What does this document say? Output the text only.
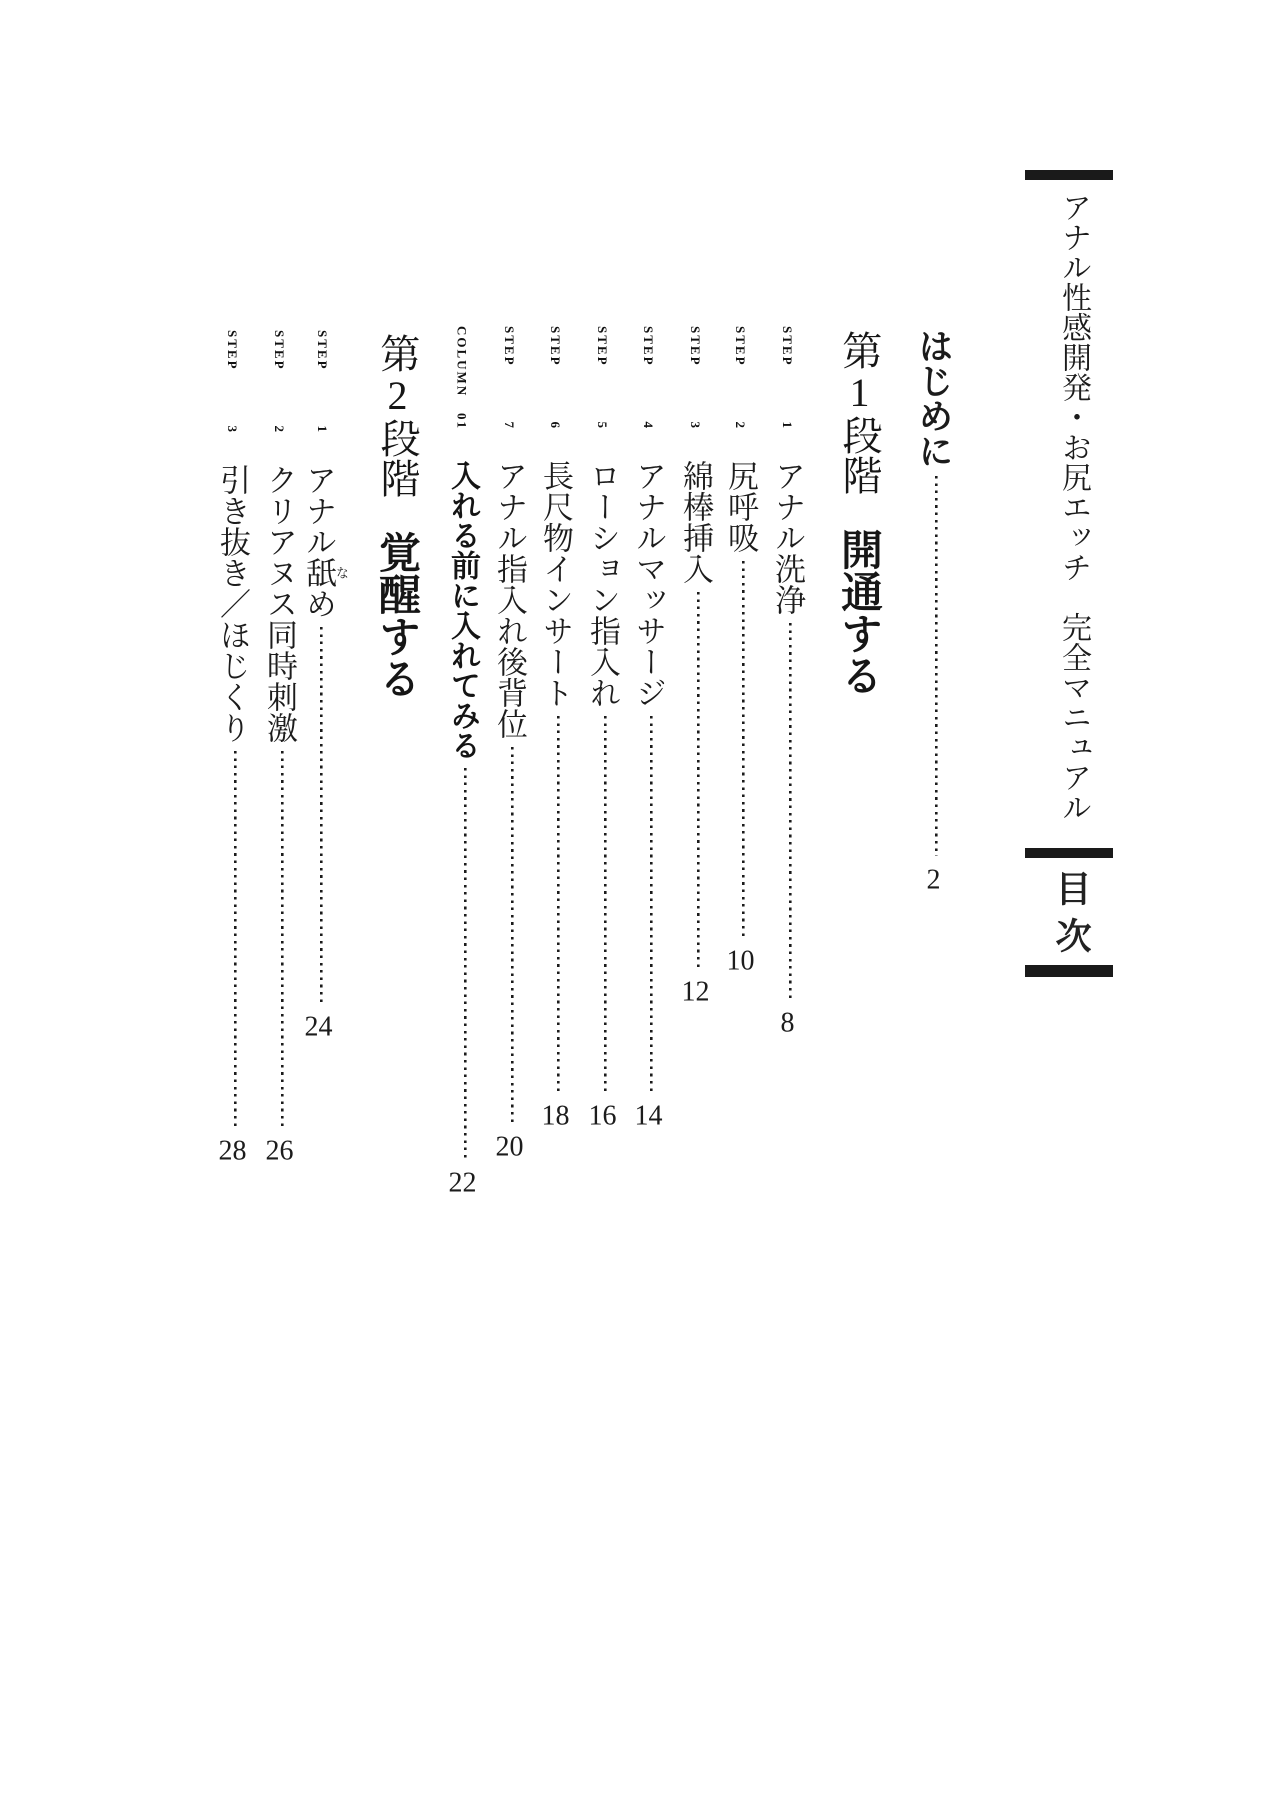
アナル性感開発・お尻エッチ　完全マニュアル
目次
はじめに2
第1段階開通する
STEP 1
アナル洗浄8
STEP 2
尻呼吸10
STEP 3
綿棒挿入12
STEP 4
アナルマッサージ14
STEP 5
ローション指入れ16
STEP 6
長尺物インサート18
STEP 7
アナル指入れ後背位20
COLUMN 01
入れる前に入れてみる22
第2段階覚醒する
STEP 1
アナル舐なめ24
STEP 2
クリアヌス同時刺激26
STEP 3
引き抜き／ほじくり28
